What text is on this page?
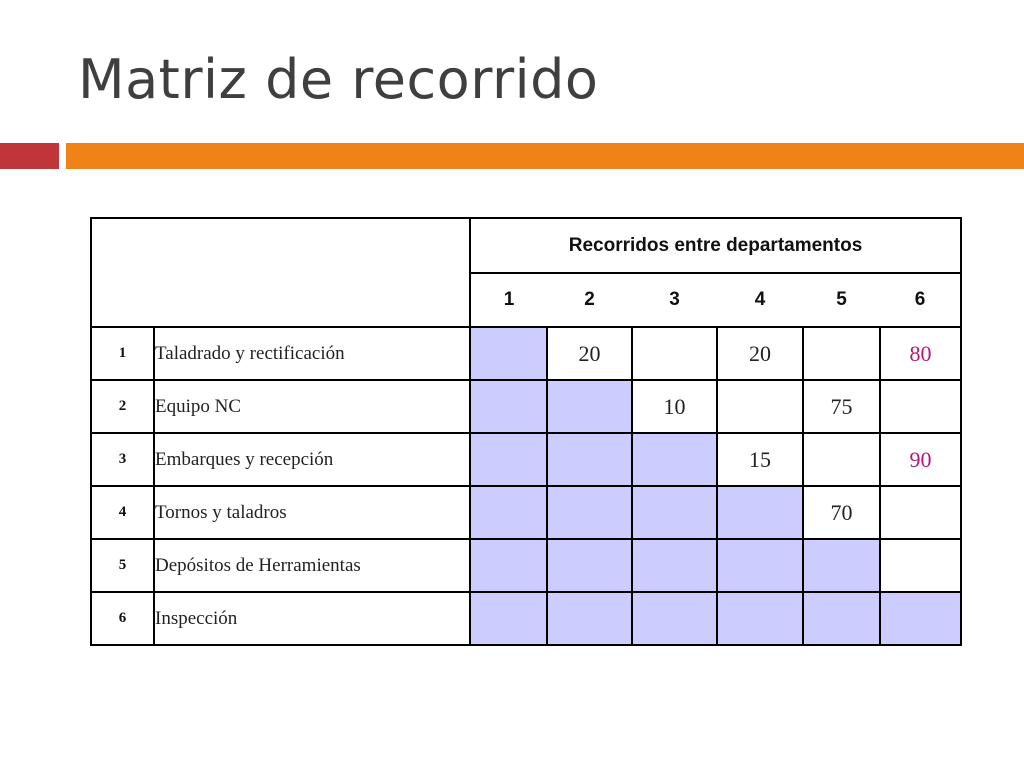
Matriz de recorrido
		Recorridos entre departamentos					
		1	2	3	4	5	6
1	Taladrado y rectificación		20		20		80
2	Equipo NC			10		75	
3	Embarques y recepción				15		90
4	Tornos y taladros					70	
5	Depósitos de Herramientas						
6	Inspección						
